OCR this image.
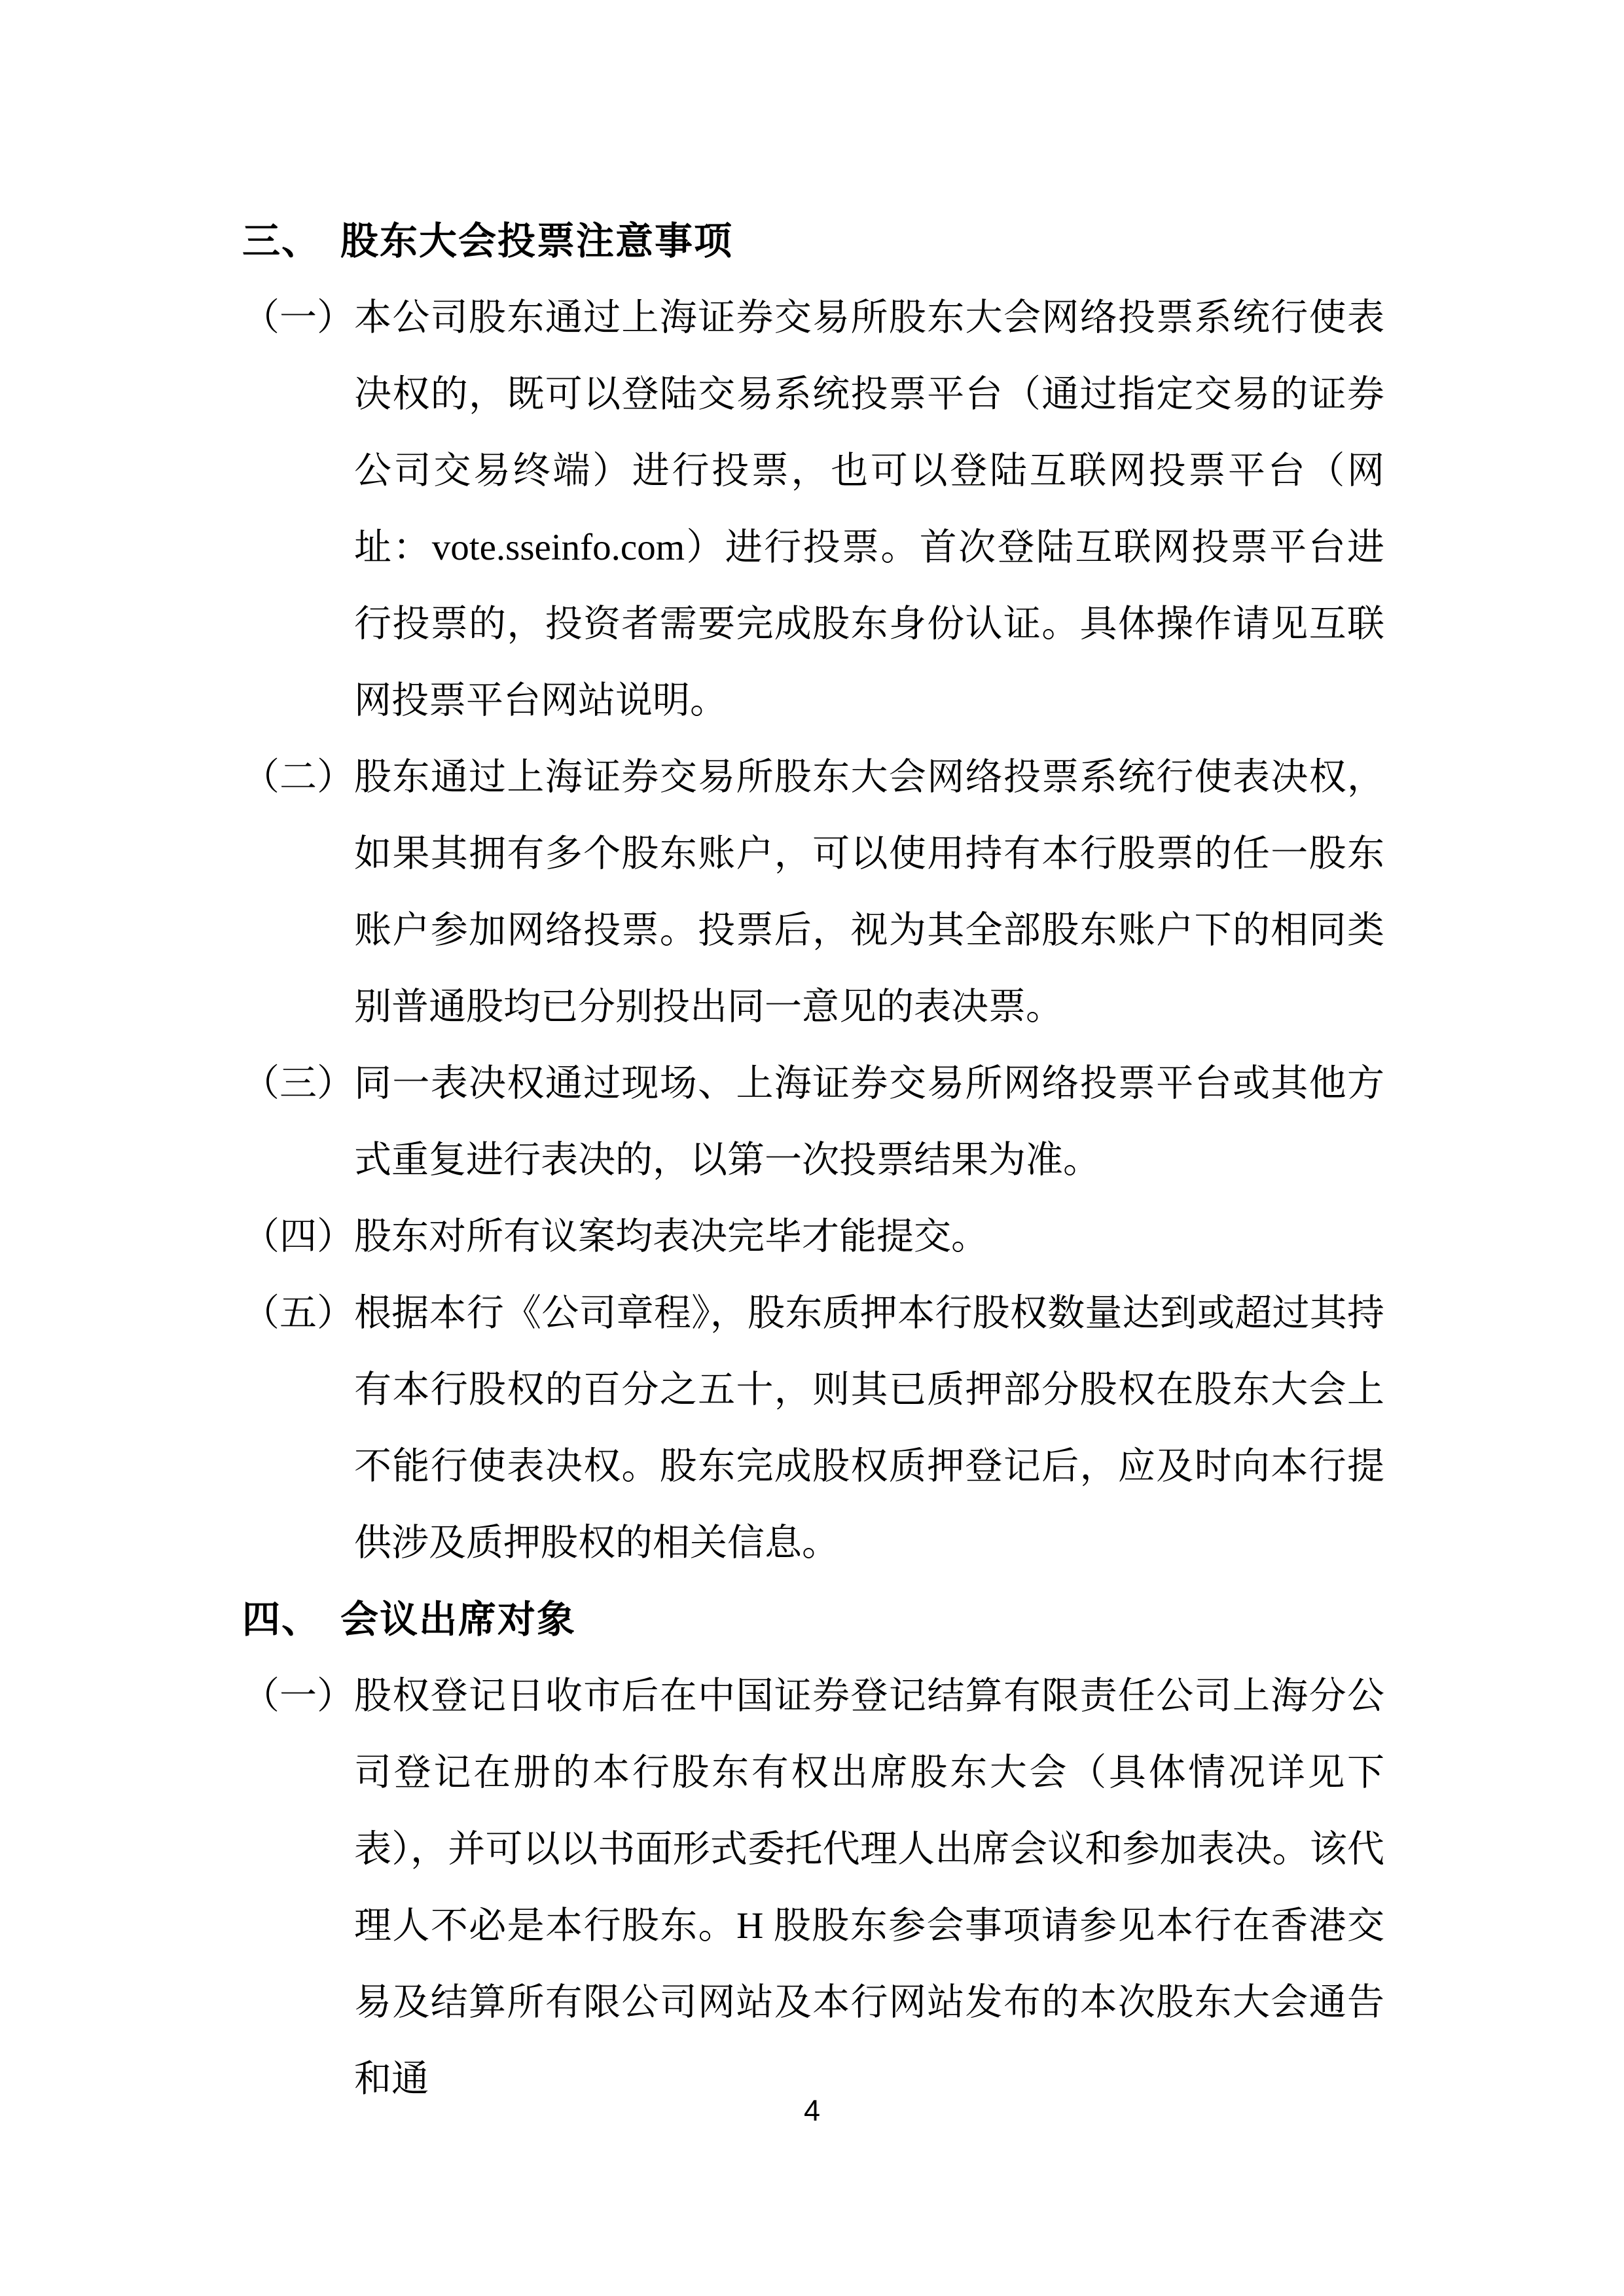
三、 股东大会投票注意事项
（一） 本公司股东通过上海证券交易所股东大会网络投票系统行使表决权的，既可以登陆交易系统投票平台（通过指定交易的证券公司交易终端）进行投票，也可以登陆互联网投票平台（网址：vote.sseinfo.com）进行投票。首次登陆互联网投票平台进行投票的，投资者需要完成股东身份认证。具体操作请见互联网投票平台网站说明。
（二） 股东通过上海证券交易所股东大会网络投票系统行使表决权，如果其拥有多个股东账户，可以使用持有本行股票的任一股东账户参加网络投票。投票后，视为其全部股东账户下的相同类别普通股均已分别投出同一意见的表决票。
（三） 同一表决权通过现场、上海证券交易所网络投票平台或其他方式重复进行表决的，以第一次投票结果为准。
（四） 股东对所有议案均表决完毕才能提交。
（五） 根据本行《公司章程》，股东质押本行股权数量达到或超过其持有本行股权的百分之五十，则其已质押部分股权在股东大会上不能行使表决权。股东完成股权质押登记后，应及时向本行提供涉及质押股权的相关信息。
四、 会议出席对象
（一） 股权登记日收市后在中国证券登记结算有限责任公司上海分公司登记在册的本行股东有权出席股东大会（具体情况详见下表），并可以以书面形式委托代理人出席会议和参加表决。该代理人不必是本行股东。H 股股东参会事项请参见本行在香港交易及结算所有限公司网站及本行网站发布的本次股东大会通告和通
4
